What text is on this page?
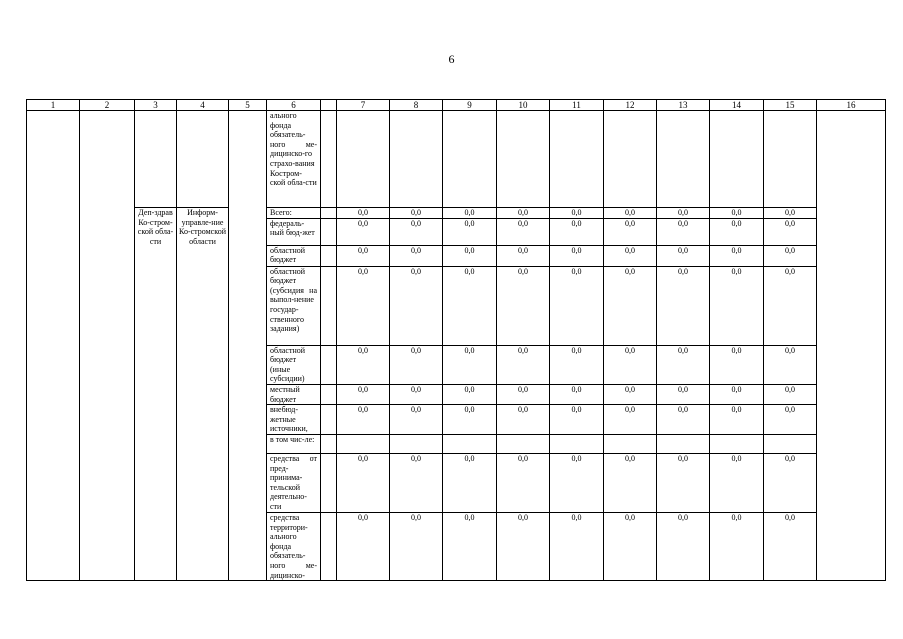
6
1	2	3	4	5	6		7	8	9	10	11	12	13	14	15	16
					ального фонда обязатель-ного ме-дицинско-го страхо-вания Костром-ской обла-сти											
		Деп-здрав Ко-стром-ской обла-сти	Информ-управле-ние Ко-стромской области		Всего:		0,0	0,0	0,0	0,0	0,0	0,0	0,0	0,0	0,0	
					федераль-ный бюд-жет		0,0	0,0	0,0	0,0	0,0	0,0	0,0	0,0	0,0	
					областной бюджет		0,0	0,0	0,0	0,0	0,0	0,0	0,0	0,0	0,0	
					областной бюджет (субсидия на выпол-нение государ-ственного задания)		0,0	0,0	0,0	0,0	0,0	0,0	0,0	0,0	0,0	
					областной бюджет (иные субсидии)		0,0	0,0	0,0	0,0	0,0	0,0	0,0	0,0	0,0	
					местный бюджет		0,0	0,0	0,0	0,0	0,0	0,0	0,0	0,0	0,0	
					внебюд-жетные источники,		0,0	0,0	0,0	0,0	0,0	0,0	0,0	0,0	0,0	
					в том чис-ле:											
					средства от пред-принима-тельской деятельно-сти		0,0	0,0	0,0	0,0	0,0	0,0	0,0	0,0	0,0	
					средства территори-ального фонда обязатель-ного ме-дицинско-		0,0	0,0	0,0	0,0	0,0	0,0	0,0	0,0	0,0	
